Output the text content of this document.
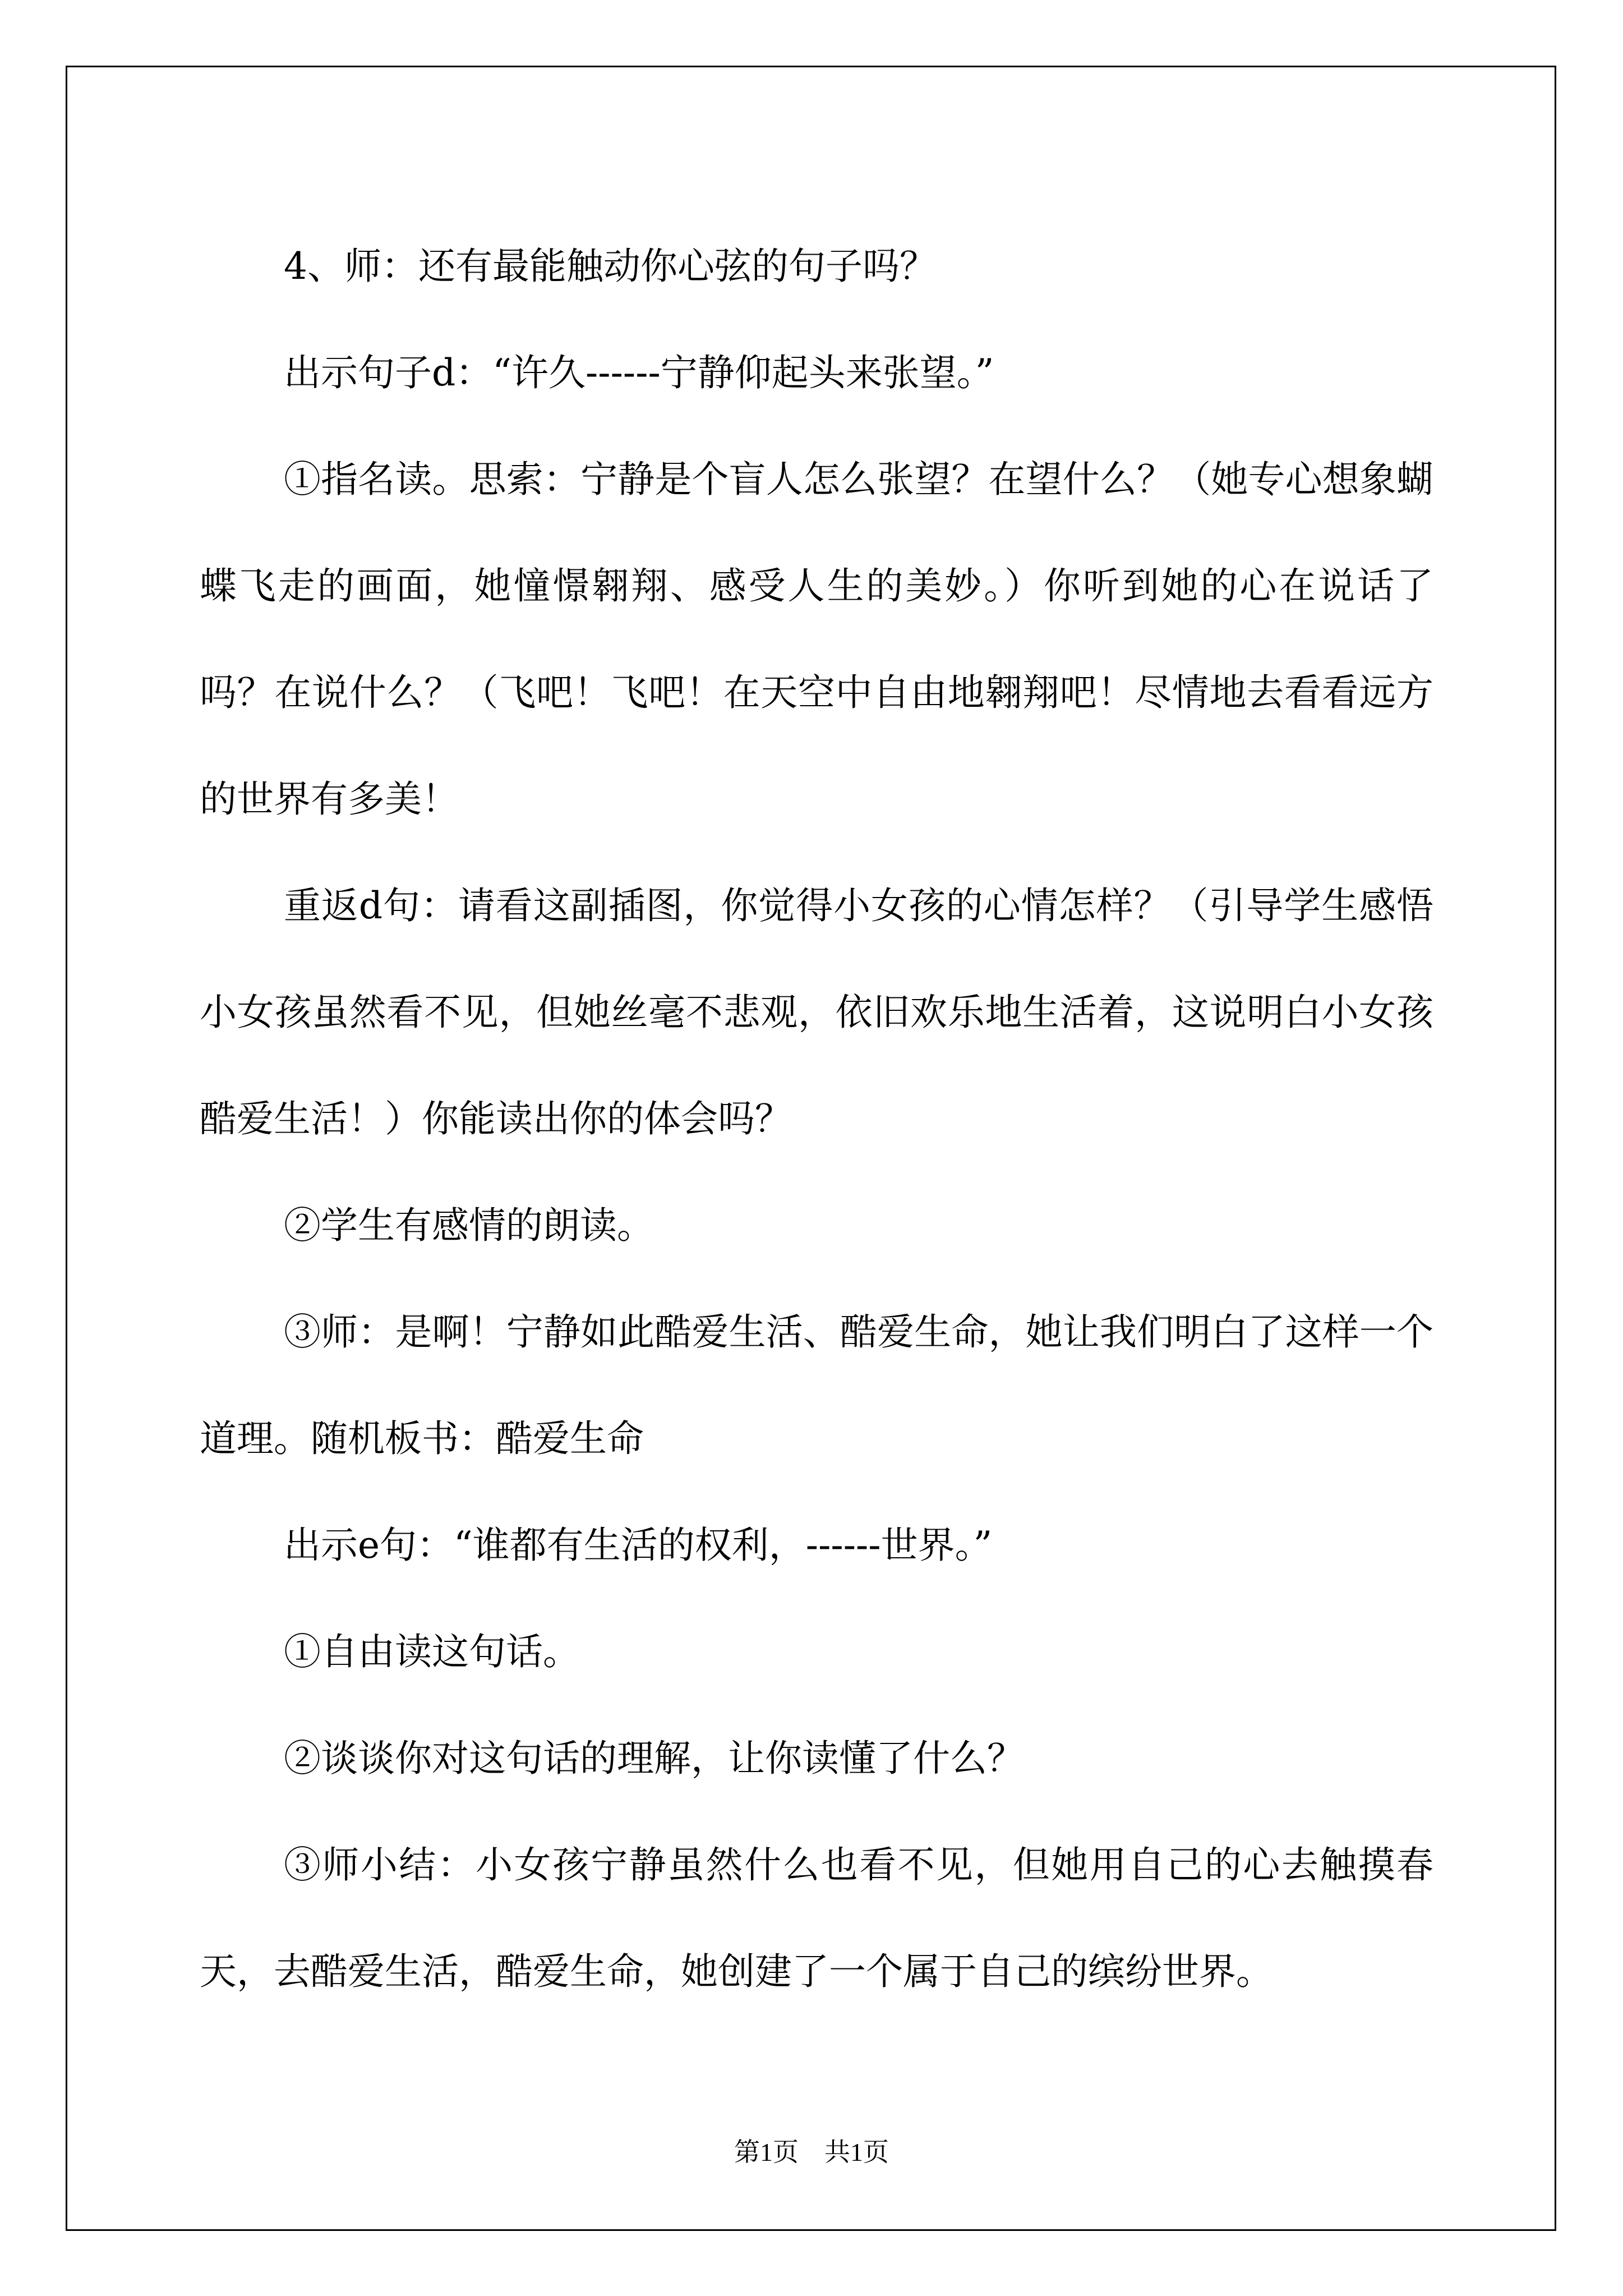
4、师：还有最能触动你心弦的句子吗？

出示句子d：“许久------宁静仰起头来张望。”

①指名读。思索：宁静是个盲人怎么张望？在望什么？（她专心想象蝴蝶飞走的画面，她憧憬翱翔、感受人生的美妙。）你听到她的心在说话了吗？在说什么？（飞吧！飞吧！在天空中自由地翱翔吧！尽情地去看看远方的世界有多美！

重返d句：请看这副插图，你觉得小女孩的心情怎样？（引导学生感悟小女孩虽然看不见，但她丝毫不悲观，依旧欢乐地生活着，这说明白小女孩酷爱生活！）你能读出你的体会吗？

②学生有感情的朗读。

③师：是啊！宁静如此酷爱生活、酷爱生命，她让我们明白了这样一个道理。随机板书：酷爱生命

出示e句：“谁都有生活的权利，------世界。”

①自由读这句话。

②谈谈你对这句话的理解，让你读懂了什么？

③师小结：小女孩宁静虽然什么也看不见，但她用自己的心去触摸春天，去酷爱生活，酷爱生命，她创建了一个属于自己的缤纷世界。

第1页 共1页
